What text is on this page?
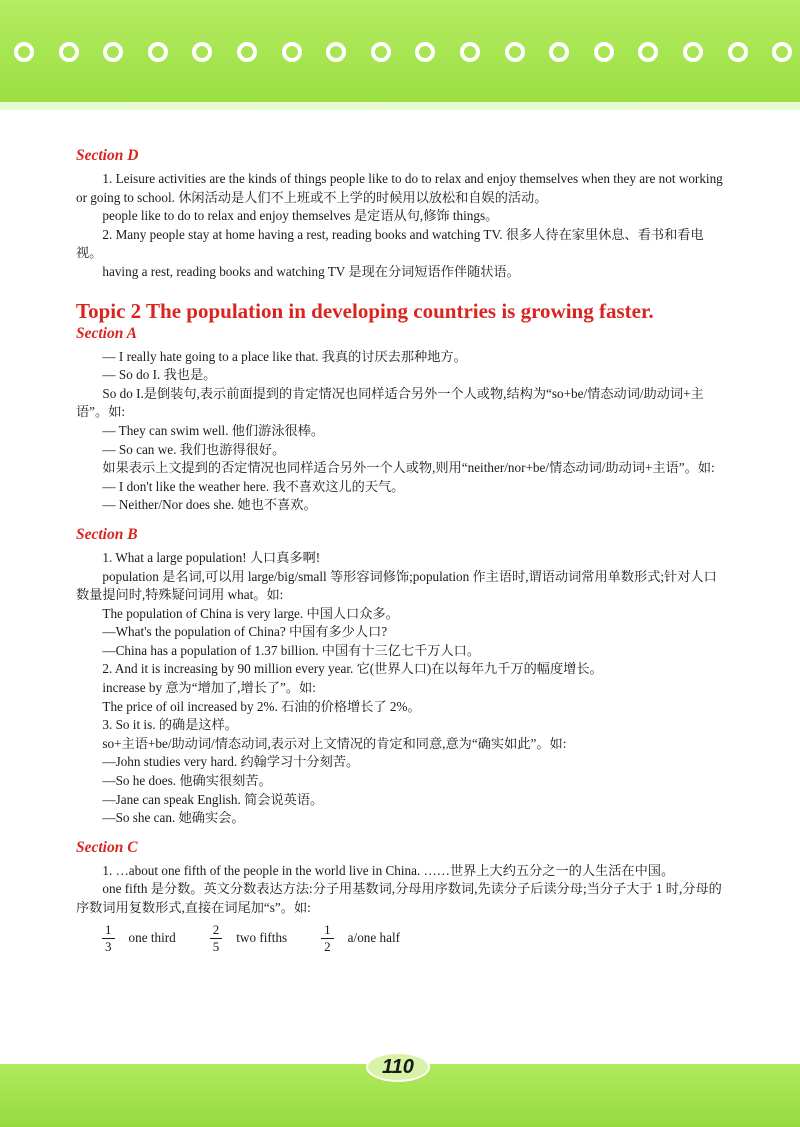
Section D

1. Leisure activities are the kinds of things people like to do to relax and enjoy themselves when they are not working or going to school. 休闲活动是人们不上班或不上学的时候用以放松和自娱的活动。

people like to do to relax and enjoy themselves 是定语从句,修饰 things。

2. Many people stay at home having a rest, reading books and watching TV. 很多人待在家里休息、看书和看电视。

having a rest, reading books and watching TV 是现在分词短语作伴随状语。

Topic 2 The population in developing countries is growing faster.
Section A

— I really hate going to a place like that. 我真的讨厌去那种地方。

— So do I. 我也是。

So do I.是倒装句,表示前面提到的肯定情况也同样适合另外一个人或物,结构为“so+be/情态动词/助动词+主语”。如:

— They can swim well. 他们游泳很棒。

— So can we. 我们也游得很好。

如果表示上文提到的否定情况也同样适合另外一个人或物,则用“neither/nor+be/情态动词/助动词+主语”。如:

— I don't like the weather here. 我不喜欢这儿的天气。

— Neither/Nor does she. 她也不喜欢。

Section B

1. What a large population! 人口真多啊!

population 是名词,可以用 large/big/small 等形容词修饰;population 作主语时,谓语动词常用单数形式;针对人口数量提问时,特殊疑问词用 what。如:

The population of China is very large. 中国人口众多。

—What's the population of China? 中国有多少人口?

—China has a population of 1.37 billion. 中国有十三亿七千万人口。

2. And it is increasing by 90 million every year. 它(世界人口)在以每年九千万的幅度增长。

increase by 意为“增加了,增长了”。如:

The price of oil increased by 2%. 石油的价格增长了 2%。

3. So it is. 的确是这样。

so+主语+be/助动词/情态动词,表示对上文情况的肯定和同意,意为“确实如此”。如:

—John studies very hard. 约翰学习十分刻苦。

—So he does. 他确实很刻苦。

—Jane can speak English. 简会说英语。

—So she can. 她确实会。

Section C

1. …about one fifth of the people in the world live in China. ……世界上大约五分之一的人生活在中国。

one fifth 是分数。英文分数表达方法:分子用基数词,分母用序数词,先读分子后读分母;当分子大于 1 时,分母的序数词用复数形式,直接在词尾加“s”。如:

$\frac{1}{3}$ one third	$\frac{2}{5}$ two fifths	$\frac{1}{2} a/one$ half
110
